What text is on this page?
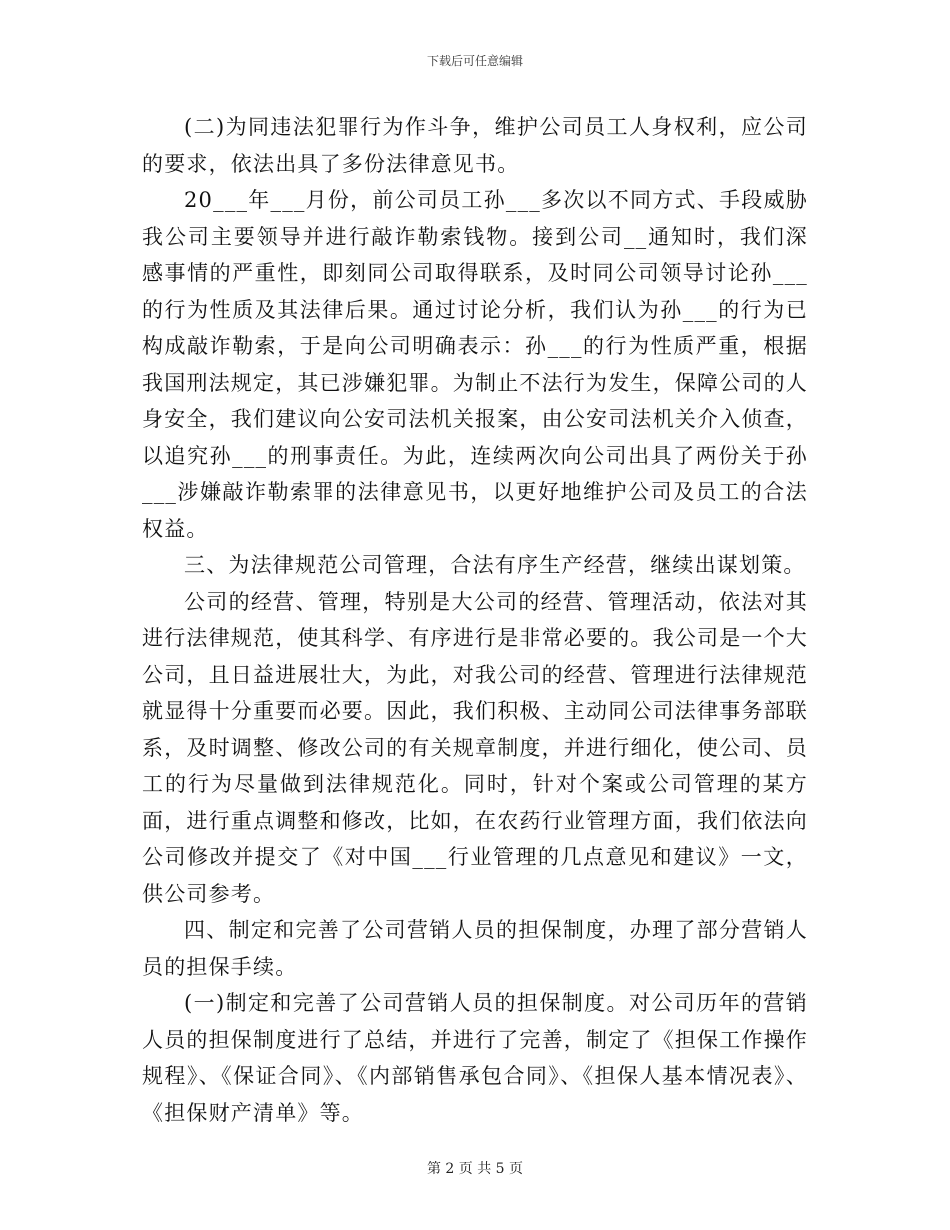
下载后可任意编辑

(二)为同违法犯罪行为作斗争，维护公司员工人身权利，应公司的要求，依法出具了多份法律意见书。

20___年___月份，前公司员工孙___多次以不同方式、手段威胁我公司主要领导并进行敲诈勒索钱物。接到公司__通知时，我们深感事情的严重性，即刻同公司取得联系，及时同公司领导讨论孙___的行为性质及其法律后果。通过讨论分析，我们认为孙___的行为已构成敲诈勒索，于是向公司明确表示：孙___的行为性质严重，根据我国刑法规定，其已涉嫌犯罪。为制止不法行为发生，保障公司的人身安全，我们建议向公安司法机关报案，由公安司法机关介入侦查，以追究孙___的刑事责任。为此，连续两次向公司出具了两份关于孙___涉嫌敲诈勒索罪的法律意见书，以更好地维护公司及员工的合法权益。

三、为法律规范公司管理，合法有序生产经营，继续出谋划策。

公司的经营、管理，特别是大公司的经营、管理活动，依法对其进行法律规范，使其科学、有序进行是非常必要的。我公司是一个大公司，且日益进展壮大，为此，对我公司的经营、管理进行法律规范就显得十分重要而必要。因此，我们积极、主动同公司法律事务部联系，及时调整、修改公司的有关规章制度，并进行细化，使公司、员工的行为尽量做到法律规范化。同时，针对个案或公司管理的某方面，进行重点调整和修改，比如，在农药行业管理方面，我们依法向公司修改并提交了《对中国___行业管理的几点意见和建议》一文，供公司参考。

四、制定和完善了公司营销人员的担保制度，办理了部分营销人员的担保手续。

(一)制定和完善了公司营销人员的担保制度。对公司历年的营销人员的担保制度进行了总结，并进行了完善，制定了《担保工作操作规程》、《保证合同》、《内部销售承包合同》、《担保人基本情况表》、《担保财产清单》等。

第 2 页 共 5 页
